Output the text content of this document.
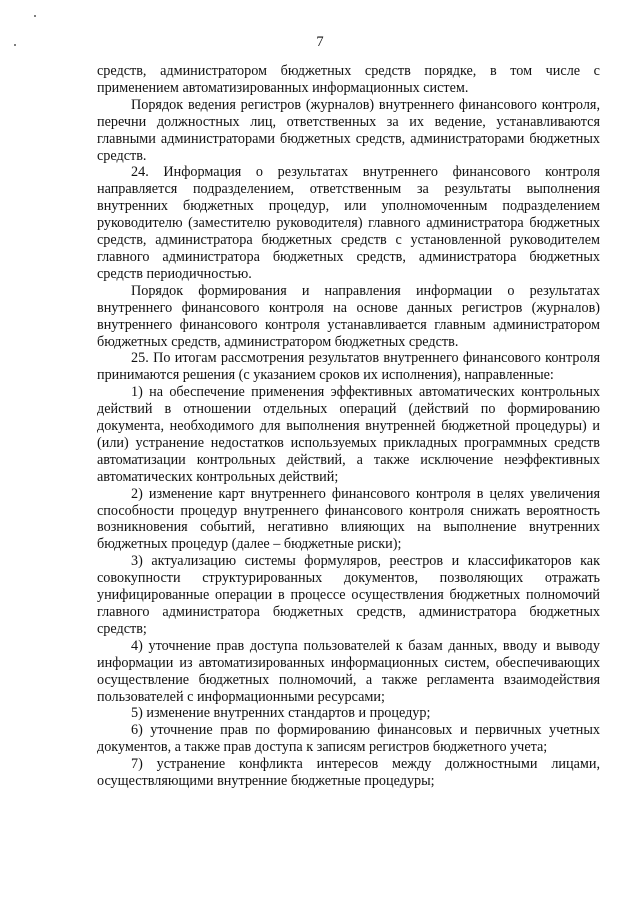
7

средств, администратором бюджетных средств порядке, в том числе с применением автоматизированных информационных систем.

Порядок ведения регистров (журналов) внутреннего финансового контроля, перечни должностных лиц, ответственных за их ведение, устанавливаются главными администраторами бюджетных средств, администраторами бюджетных средств.

24. Информация о результатах внутреннего финансового контроля направляется подразделением, ответственным за результаты выполнения внутренних бюджетных процедур, или уполномоченным подразделением руководителю (заместителю руководителя) главного администратора бюджетных средств, администратора бюджетных средств с установленной руководителем главного администратора бюджетных средств, администратора бюджетных средств периодичностью.

Порядок формирования и направления информации о результатах внутреннего финансового контроля на основе данных регистров (журналов) внутреннего финансового контроля устанавливается главным администратором бюджетных средств, администратором бюджетных средств.

25. По итогам рассмотрения результатов внутреннего финансового контроля принимаются решения (с указанием сроков их исполнения), направленные:

1) на обеспечение применения эффективных автоматических контрольных действий в отношении отдельных операций (действий по формированию документа, необходимого для выполнения внутренней бюджетной процедуры) и (или) устранение недостатков используемых прикладных программных средств автоматизации контрольных действий, а также исключение неэффективных автоматических контрольных действий;

2) изменение карт внутреннего финансового контроля в целях увеличения способности процедур внутреннего финансового контроля снижать вероятность возникновения событий, негативно влияющих на выполнение внутренних бюджетных процедур (далее – бюджетные риски);

3) актуализацию системы формуляров, реестров и классификаторов как совокупности структурированных документов, позволяющих отражать унифицированные операции в процессе осуществления бюджетных полномочий главного администратора бюджетных средств, администратора бюджетных средств;

4) уточнение прав доступа пользователей к базам данных, вводу и выводу информации из автоматизированных информационных систем, обеспечивающих осуществление бюджетных полномочий, а также регламента взаимодействия пользователей с информационными ресурсами;

5) изменение внутренних стандартов и процедур;

6) уточнение прав по формированию финансовых и первичных учетных документов, а также прав доступа к записям регистров бюджетного учета;

7) устранение конфликта интересов между должностными лицами, осуществляющими внутренние бюджетные процедуры;
